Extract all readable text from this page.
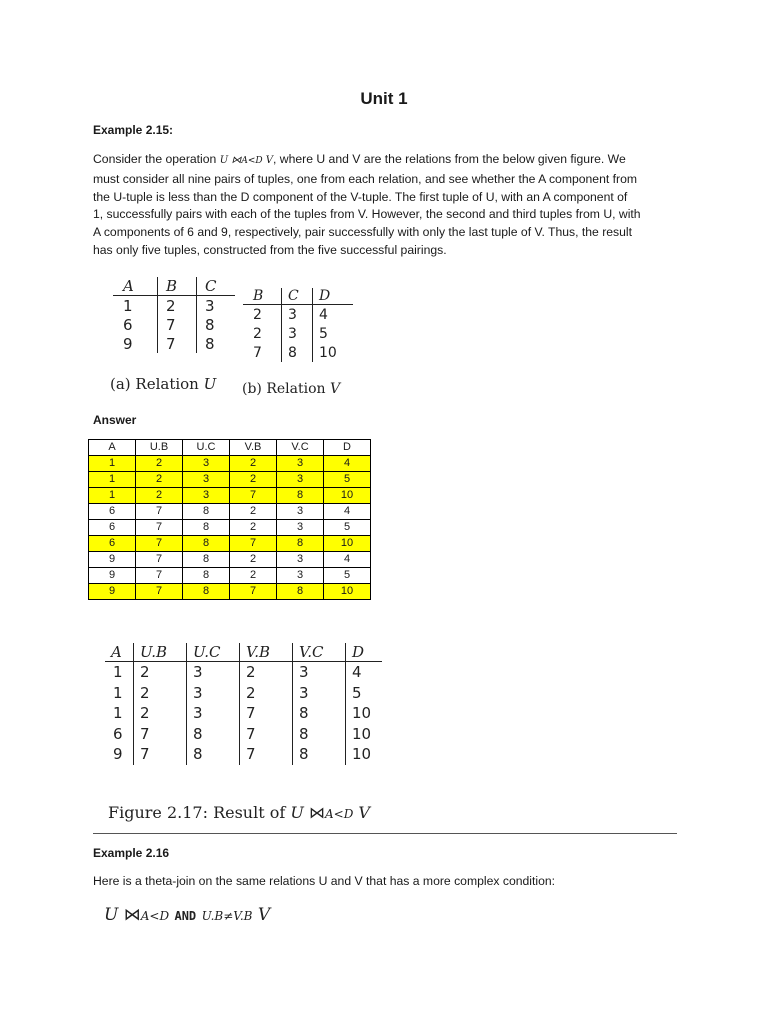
Unit 1
Example 2.15:
Consider the operation U ⋈A<D V, where U and V are the relations from the below given figure. We
must consider all nine pairs of tuples, one from each relation, and see whether the A component from
the U-tuple is less than the D component of the V-tuple. The first tuple of U, with an A component of
1, successfully pairs with each of the tuples from V. However, the second and third tuples from U, with
A components of 6 and 9, respectively, pair successfully with only the last tuple of V. Thus, the result
has only five tuples, constructed from the five successful pairings.
A	B	C
1	2	3
6	7	8
9	7	8
(a) Relation U
B	C	D
2	3	4
2	3	5
7	8	10
(b) Relation V
Answer
A	U.B	U.C	V.B	V.C	D
1	2	3	2	3	4
1	2	3	2	3	5
1	2	3	7	8	10
6	7	8	2	3	4
6	7	8	2	3	5
6	7	8	7	8	10
9	7	8	2	3	4
9	7	8	2	3	5
9	7	8	7	8	10
A	U.B	U.C	V.B	V.C	D
1	2	3	2	3	4
1	2	3	2	3	5
1	2	3	7	8	10
6	7	8	7	8	10
9	7	8	7	8	10
Figure 2.17: Result of U ⋈A<D V
Example 2.16
Here is a theta-join on the same relations U and V that has a more complex condition:
U ⋈A<D AND U.B≠V.B V
